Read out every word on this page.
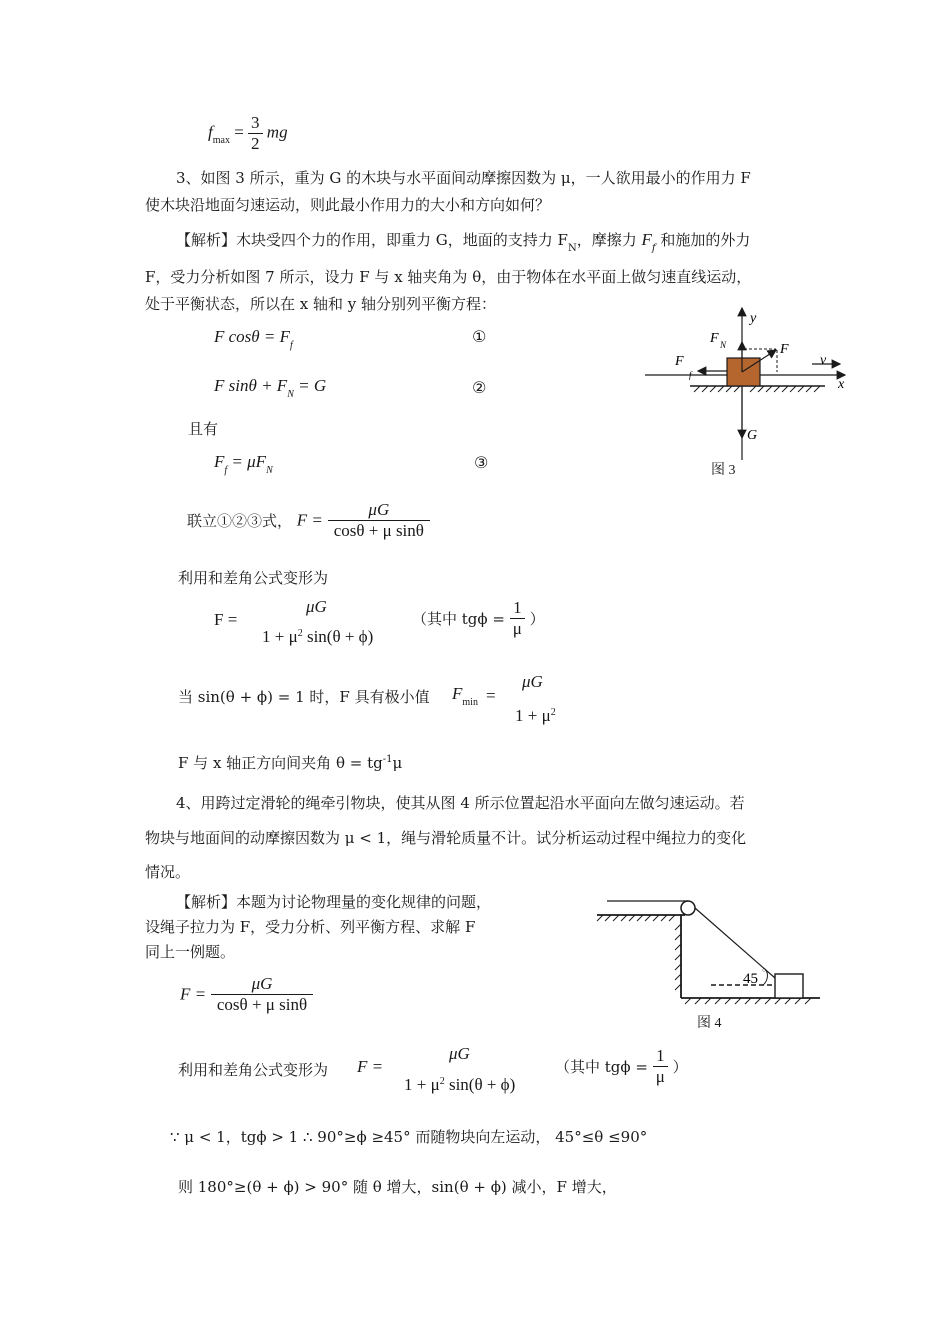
$f_{max} = \frac{3}{2}$ mg
3、如图 3 所示，重为 G 的木块与水平面间动摩擦因数为 μ，一人欲用最小的作用力 F
使木块沿地面匀速运动，则此最小作用力的大小和方向如何？
【解析】木块受四个力的作用，即重力 G，地面的支持力 $F_N$，摩擦力 $F_f$ 和施加的外力
F，受力分析如图 7 所示，设力 F 与 x 轴夹角为 θ，由于物体在水平面上做匀速直线运动，
处于平衡状态，所以在 x 轴和 y 轴分别列平衡方程：
F $\cos\theta = F_f$	①
F $\sin\theta + F_N = G$	②
且有
$F_f = \mu F_N$	③
联立①②③式， $F = \frac{\mu G}{\text{cosθ + μ sinθ}}$
利用和差角公式变形为
F =
μG
$1 + \mu^2$ sin(θ + ϕ)
（其中 $tg\phi = \frac{1}{\mu}$ ）
当 sin(θ + ϕ) = 1 时，F 具有极小值 $F_{min}$ =
μG
$1 + \mu^2$
F 与 x 轴正方向间夹角 $\theta = tg^{-1}\mu$
y
x
v
F N	F
F
f
G
图 3
4、用跨过定滑轮的绳牵引物块，使其从图 4 所示位置起沿水平面向左做匀速运动。若
物块与地面间的动摩擦因数为 μ < 1，绳与滑轮质量不计。试分析运动过程中绳拉力的变化
情况。
【解析】本题为讨论物理量的变化规律的问题，
设绳子拉力为 F，受力分析、列平衡方程、求解 F
同上一例题。
$F = \frac{\mu G}{\text{cosθ + μ sinθ}}$
利用和差角公式变形为 F =
μG
$1 + \mu^2$ sin(θ + ϕ)
（其中 $tg\phi = \frac{1}{\mu}$ ）
∵ μ < 1，tgϕ > 1 ∴ 90°≥ϕ ≥45° 而随物块向左运动， 45°≤θ ≤90°
则 180°≥(θ + ϕ) > 90° 随 θ 增大，sin(θ + ϕ) 减小，F 增大，
45
○
图 4
